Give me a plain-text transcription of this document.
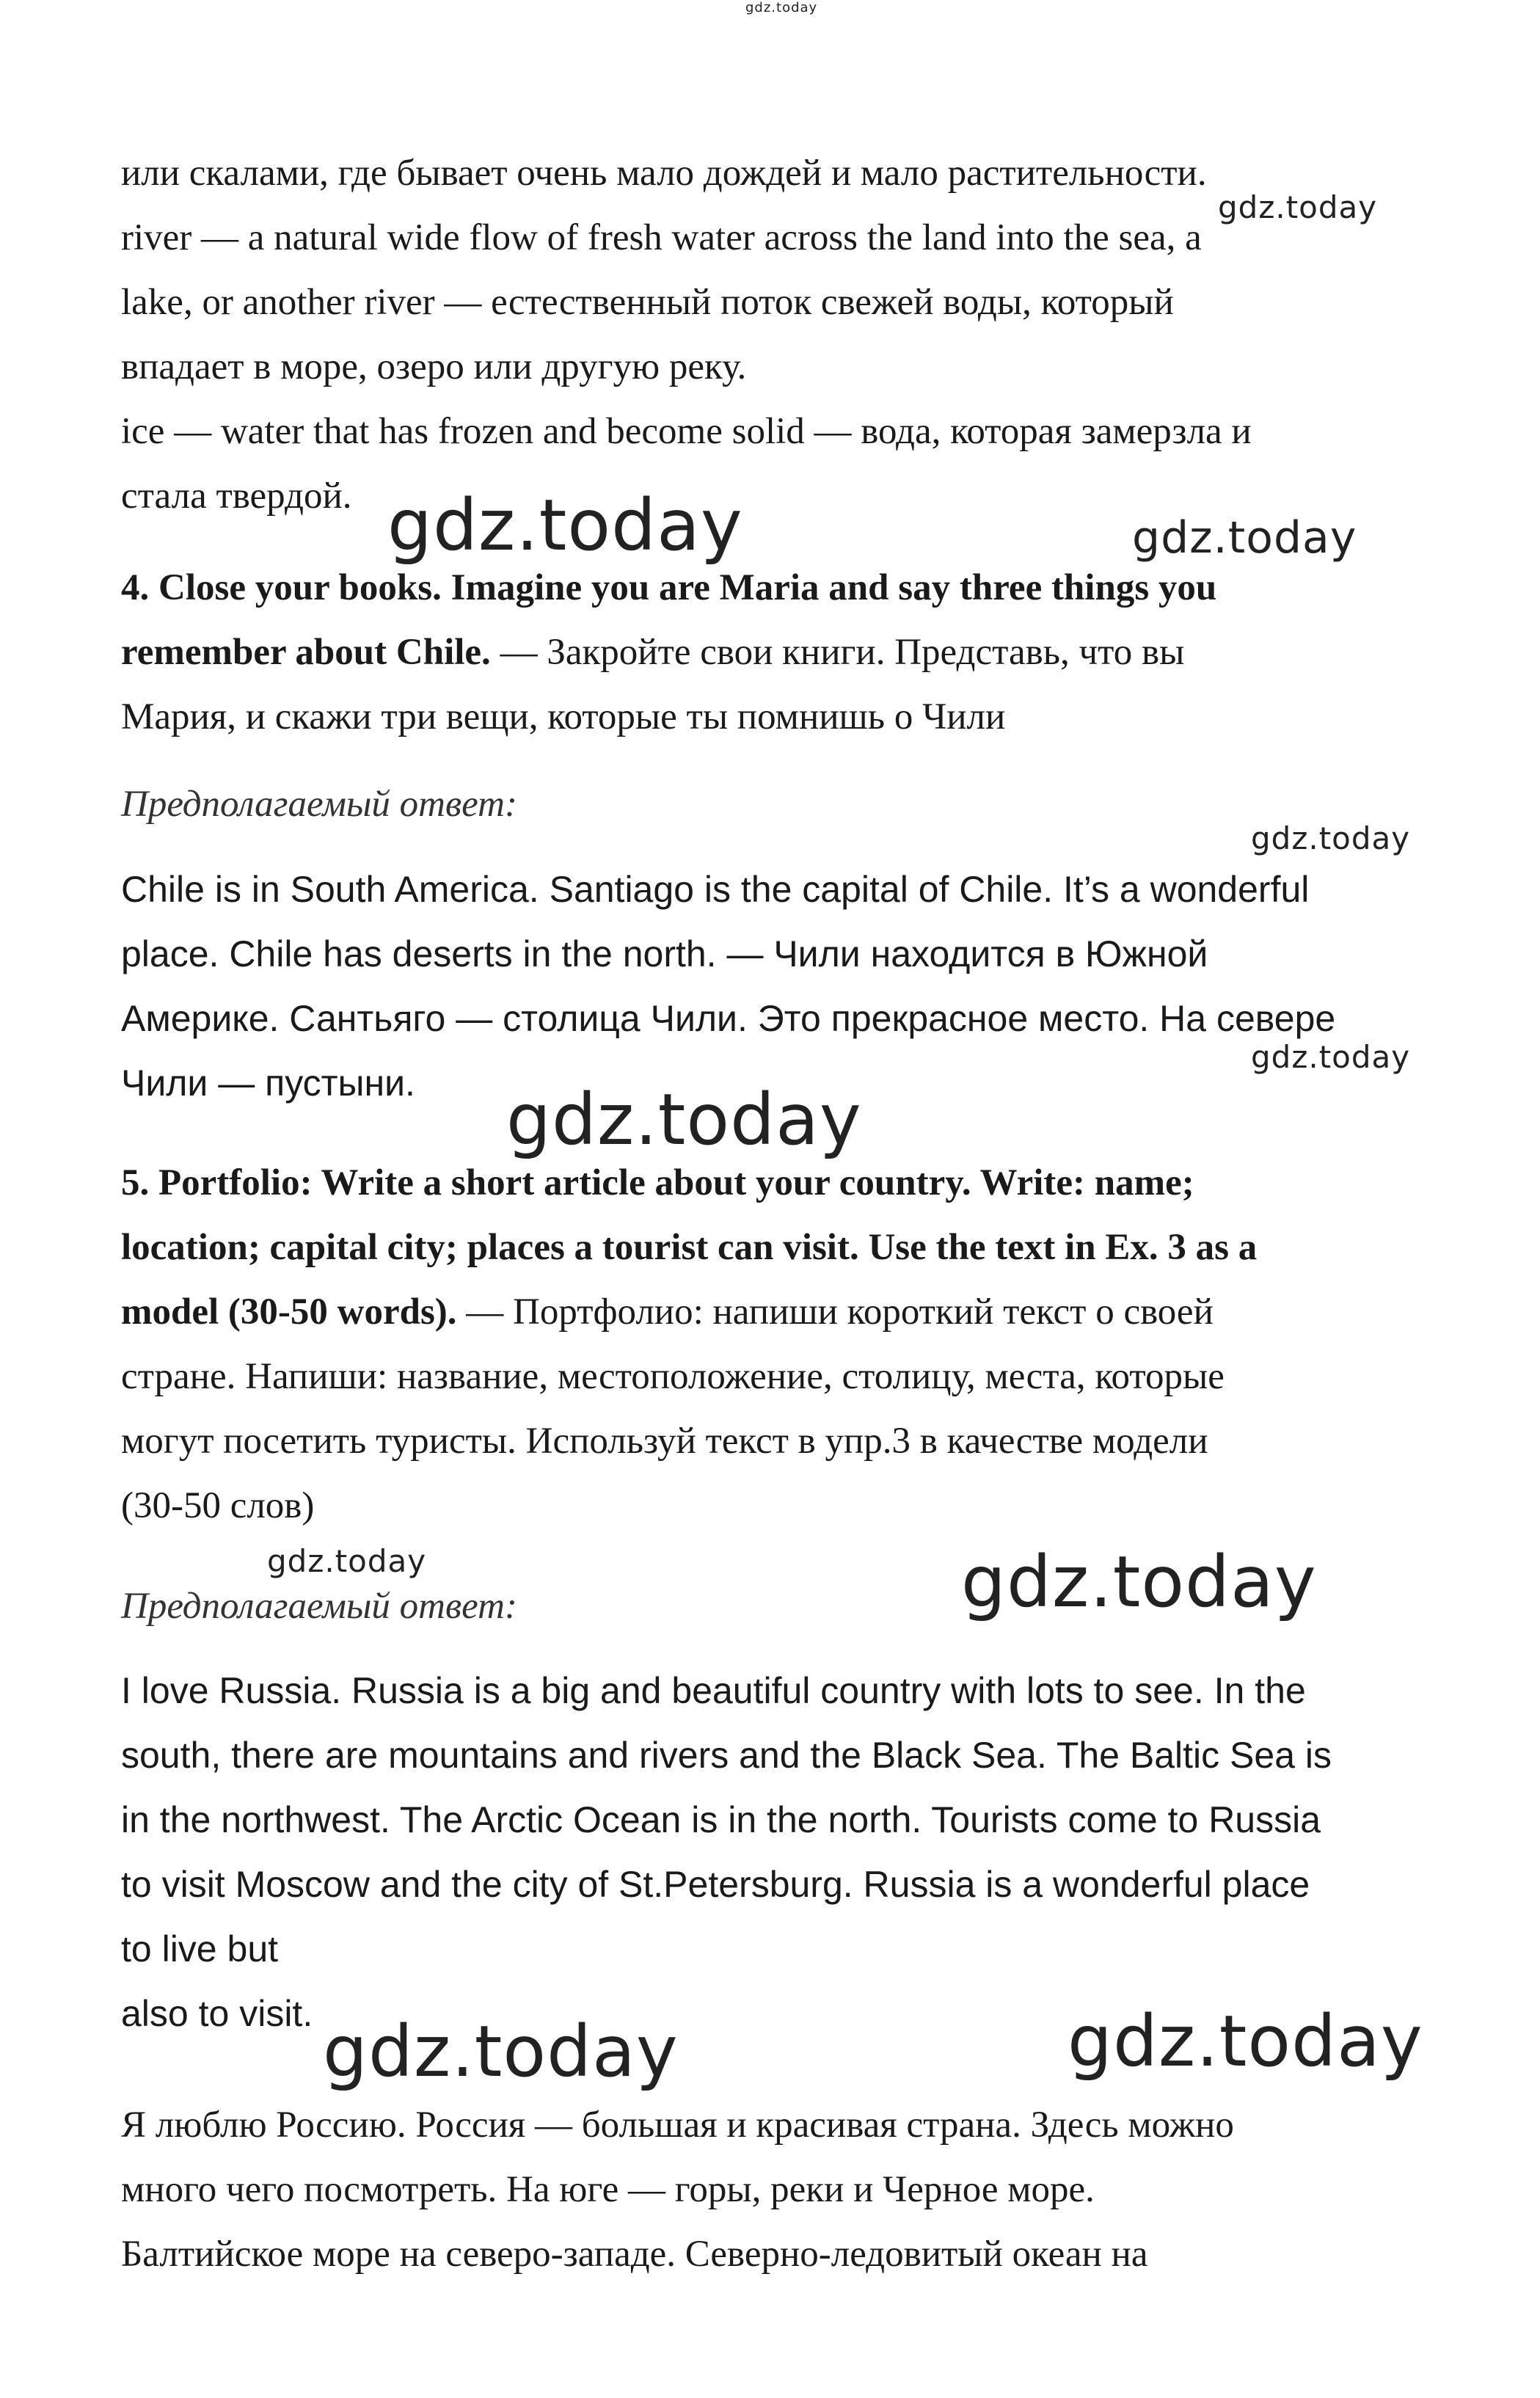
или скалами, где бывает очень мало дождей и мало растительности.
river — a natural wide flow of fresh water across the land into the sea, a
lake, or another river — естественный поток свежей воды, который
впадает в море, озеро или другую реку.
ice — water that has frozen and become solid — вода, которая замерзла и
стала твердой.
4. Close your books. Imagine you are Maria and say three things you
remember about Chile. — Закройте свои книги. Представь, что вы
Мария, и скажи три вещи, которые ты помнишь о Чили
Предполагаемый ответ:
Chile is in South America. Santiago is the capital of Chile. It’s a wonderful
place. Chile has deserts in the north. — Чили находится в Южной
Америке. Сантьяго — столица Чили. Это прекрасное место. На севере
Чили — пустыни.
5. Portfolio: Write a short article about your country. Write: name;
location; capital city; places a tourist can visit. Use the text in Ex. 3 as a
model (30-50 words). — Портфолио: напиши короткий текст о своей
стране. Напиши: название, местоположение, столицу, места, которые
могут посетить туристы. Используй текст в упр.3 в качестве модели
(30-50 слов)
Предполагаемый ответ:
I love Russia. Russia is a big and beautiful country with lots to see. In the
south, there are mountains and rivers and the Black Sea. The Baltic Sea is
in the northwest. The Arctic Ocean is in the north. Tourists come to Russia
to visit Moscow and the city of St.Petersburg. Russia is a wonderful place
to live but
also to visit.
Я люблю Россию. Россия — большая и красивая страна. Здесь можно
много чего посмотреть. На юге — горы, реки и Черное море.
Балтийское море на северо-западе. Северно-ледовитый океан на
gdz.today
gdz.today
gdz.today	gdz.today
gdz.today
gdz.today
gdz.today
gdz.today	gdz.today
gdz.today	gdz.today
